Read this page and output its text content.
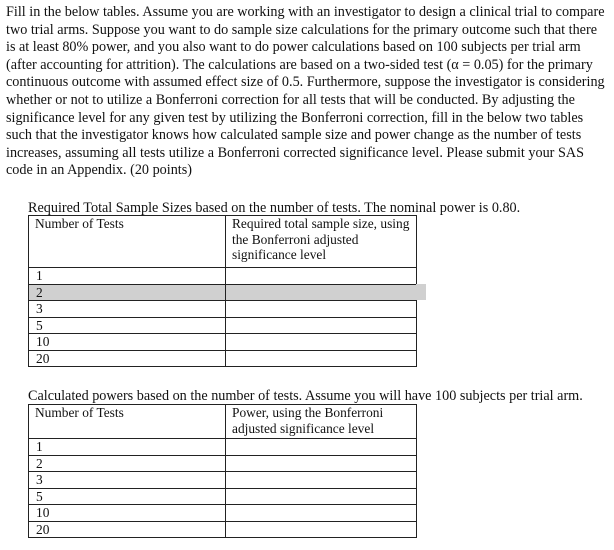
Fill in the below tables. Assume you are working with an investigator to design a clinical trial to compare two trial arms. Suppose you want to do sample size calculations for the primary outcome such that there is at least 80% power, and you also want to do power calculations based on 100 subjects per trial arm (after accounting for attrition). The calculations are based on a two-sided test (α = 0.05) for the primary continuous outcome with assumed effect size of 0.5. Furthermore, suppose the investigator is considering whether or not to utilize a Bonferroni correction for all tests that will be conducted. By adjusting the significance level for any given test by utilizing the Bonferroni correction, fill in the below two tables such that the investigator knows how calculated sample size and power change as the number of tests increases, assuming all tests utilize a Bonferroni corrected significance level. Please submit your SAS code in an Appendix. (20 points)

Required Total Sample Sizes based on the number of tests. The nominal power is 0.80.
Number of Tests	Required total sample size, using the Bonferroni adjusted significance level
1	
2	
3	
5	
10	
20	
Calculated powers based on the number of tests. Assume you will have 100 subjects per trial arm.
Number of Tests	Power, using the Bonferroni adjusted significance level
1	
2	
3	
5	
10	
20	
